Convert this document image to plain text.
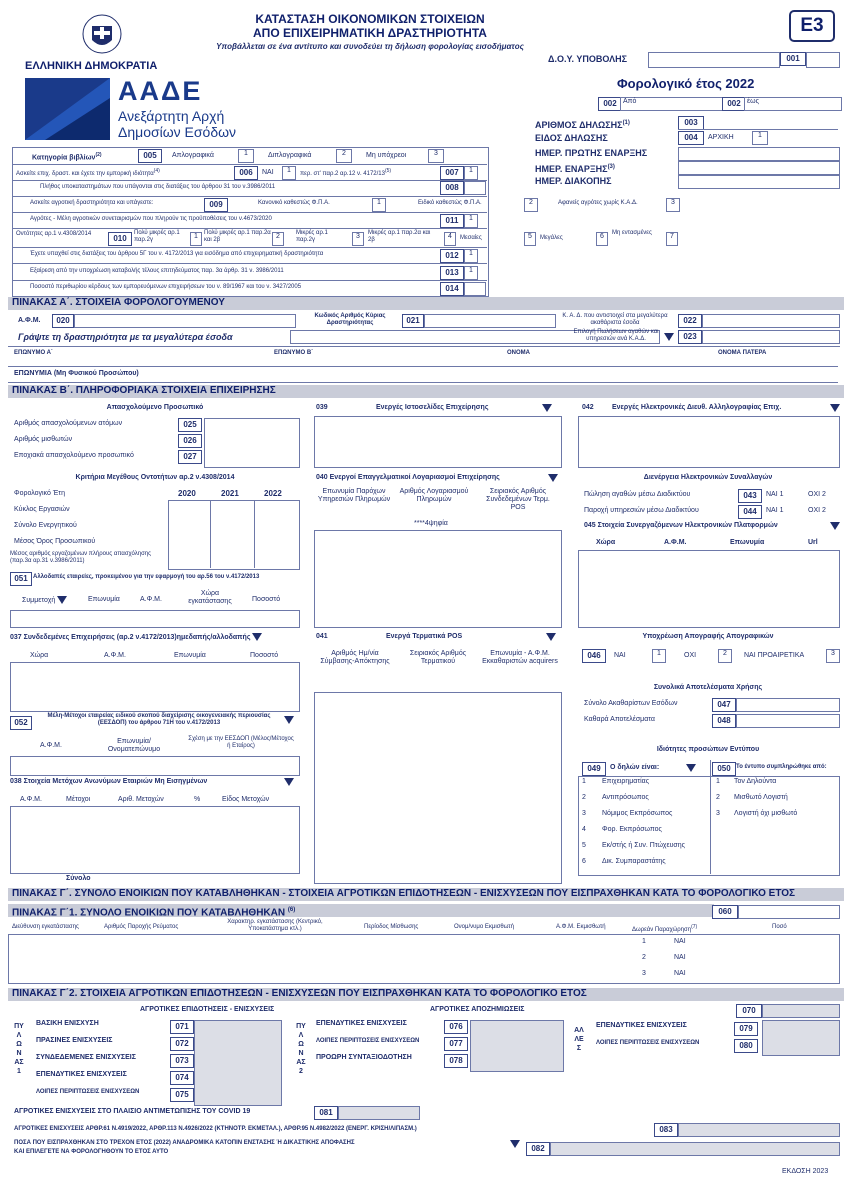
ΕΛΛΗΝΙΚΗ ΔΗΜΟΚΡΑΤΙΑ
ΑΑΔΕ
Ανεξάρτητη Αρχή
Δημοσίων Εσόδων
ΚΑΤΑΣΤΑΣΗ ΟΙΚΟΝΟΜΙΚΩΝ ΣΤΟΙΧΕΙΩΝ
ΑΠΟ ΕΠΙΧΕΙΡΗΜΑΤΙΚΗ ΔΡΑΣΤΗΡΙΟΤΗΤΑ
Υποβάλλεται σε ένα αντίτυπο και συνοδεύει τη δήλωση φορολογίας εισοδήματος
Ε3
Δ.Ο.Υ. ΥΠΟΒΟΛΗΣ	001
Φορολογικό έτος 2022
002 Από	002 έως
ΑΡΙΘΜΟΣ ΔΗΛΩΣΗΣ$^{(1)}$	003
ΕΙΔΟΣ ΔΗΛΩΣΗΣ	004	ΑΡΧΙΚΗ	1
ΗΜΕΡ. ΠΡΩΤΗΣ ΕΝΑΡΞΗΣ
ΗΜΕΡ. ΕΝΑΡΞΗΣ$^{(3)}$
ΗΜΕΡ. ΔΙΑΚΟΠΗΣ
Κατηγορία βιβλίων$^{(2)}$	005	Απλογραφικά	1	Διπλογραφικά	2	Μη υπόχρεοι	3
Ασκείτε επιχ. δραστ. και έχετε την εμπορική ιδιότητα$^{(4)}$	006	ΝΑΙ	1	περ. στ' παρ.2 αρ.12 ν. 4172/13$^{(5)}$	007	1
Πλήθος υποκαταστημάτων που υπάγονται στις διατάξεις του άρθρου 31 του ν.3986/2011	008
Ασκείτε αγροτική δραστηριότητα και υπάγεστε:	009	Κανονικό καθεστώς Φ.Π.Α.	1	Ειδικό καθεστώς Φ.Π.Α.	2	Αφανείς αγρότες χωρίς Κ.Α.Δ.	3
Αγρότες - Μέλη αγροτικών συνεταιρισμών που πληρούν τις προϋποθέσεις του ν.4673/2020	011	1
Οντότητες αρ.1 ν.4308/2014	010
Πολύ μικρές αρ.1 παρ.2γ	1	Πολύ μικρές αρ.1 παρ.2α και 2β	2	Μικρές αρ.1 παρ.2γ	3	Μικρές αρ.1 παρ.2α και 2β	4	Μεσαίες	5	Μεγάλες	6	Μη εντασμένες	7
Έχετε υπαχθεί στις διατάξεις του άρθρου 5Γ του ν. 4172/2013 για εισόδημα από επιχειρηματική δραστηριότητα	012	1
Εξαίρεση από την υποχρέωση καταβολής τέλους επιτηδεύματος παρ. 3α άρθρ. 31 ν. 3986/2011	013	1
Ποσοστό περιθωρίου κέρδους των εμπορευόμενων επιχειρήσεων του ν. 89/1967 και του ν. 3427/2005	014
ΠΙΝΑΚΑΣ Α΄. ΣΤΟΙΧΕΙΑ ΦΟΡΟΛΟΓΟΥΜΕΝΟΥ
Α.Φ.Μ.	020	Κωδικός Αριθμός Κύριας Δραστηριότητας	021	Κ. Α. Δ. που αντιστοιχεί στα μεγαλύτερα ακαθάριστα έσοδα	022
Γράψτε τη δραστηριότητα με τα μεγαλύτερα έσοδα	Επιλογή Πωλήσεων αγαθών και υπηρεσιών ανά Κ.Α.Δ.	023
ΕΠΩΝΥΜΟ Α΄	ΕΠΩΝΥΜΟ Β΄	ΟΝΟΜΑ	ΟΝΟΜΑ ΠΑΤΕΡΑ
ΕΠΩΝΥΜΙΑ (Μη Φυσικού Προσώπου)
ΠΙΝΑΚΑΣ Β΄. ΠΛΗΡΟΦΟΡΙΑΚΑ ΣΤΟΙΧΕΙΑ ΕΠΙΧΕΙΡΗΣΗΣ
Απασχολούμενο Προσωπικό
Αριθμός απασχολούμενων ατόμων	025
Αριθμός μισθωτών	026
Εποχιακά απασχολούμενο προσωπικό	027
Κριτήρια Μεγέθους Οντοτήτων αρ.2 ν.4308/2014
Φορολογικό Έτη	2020	2021	2022
Κύκλος Εργασιών
Σύνολο Ενεργητικού
Μέσος Όρος Προσωπικού
Μέσος αριθμός εργαζομένων πλήρους απασχόλησης (παρ.3α αρ.31 ν.3986/2011)
051 Αλλοδαπές εταιρείες, προκειμένου για την εφαρμογή του αρ.56 του ν.4172/2013
Συμμετοχή	Επωνυμία	Α.Φ.Μ.
Χώρα εγκατάστασης	Ποσοστό
037 Συνδεδεμένες Επιχειρήσεις (αρ.2 ν.4172/2013)ημεδαπής/αλλοδαπής
Χώρα	Α.Φ.Μ.	Επωνυμία	Ποσοστό
052
Μέλη-Μέτοχοι εταιρείας ειδικού σκοπού διαχείρισης οικογενειακής περιουσίας (ΕΕΣΔΟΠ) του άρθρου 71Η του ν.4172/2013
Α.Φ.Μ.
Επωνυμία/ Ονοματεπώνυμο
Σχέση με την ΕΕΣΔΟΠ (Μέλος/Μέτοχος ή Εταίρος)
038 Στοιχεία Μετόχων Ανωνύμων Εταιριών Μη Εισηγμένων
Α.Φ.Μ.	Μέτοχοι	Αριθ. Μετοχών	%	Είδος Μετοχών
Σύνολο
039	Ενεργές Ιστοσελίδες Επιχείρησης
040 Ενεργοί Επαγγελματικοί Λογαριασμοί Επιχείρησης
Επωνυμία Παρόχων Υπηρεσιών Πληρωμών
Αριθμός Λογαριασμού Πληρωμών
****4ψηφία
Σειριακός Αριθμός Συνδεδεμένων Τερμ. POS
041	Ενεργά Τερματικά POS
Αριθμός Ημ/νία Σύμβασης-Απόκτησης
Σειριακός Αριθμός Τερματικού
Επωνυμία - Α.Φ.Μ. Εκκαθαριστών acquirers
042	Ενεργές Ηλεκτρονικές Διευθ. Αλληλογραφίας Επιχ.
Διενέργεια Ηλεκτρονικών Συναλλαγών
Πώληση αγαθών μέσω Διαδικτύου	043	ΝΑΙ 1	ΟΧΙ 2
Παροχή υπηρεσιών μέσω Διαδικτύου	044	ΝΑΙ 1	ΟΧΙ 2
045 Στοιχεία Συνεργαζόμενων Ηλεκτρονικών Πλατφορμών
Χώρα	Α.Φ.Μ.	Επωνυμία	Url
Υποχρέωση Απογραφής Απογραφικών
046	ΝΑΙ	1	ΟΧΙ	2	ΝΑΙ ΠΡΟΑΙΡΕΤΙΚΑ	3
Συνολικά Αποτελέσματα Χρήσης
Σύνολο Ακαθαρίστων Εσόδων	047
Καθαρά Αποτελέσματα	048
Ιδιότητες προσώπων Εντύπου
049	Ο δηλών είναι:	050 Το έντυπο συμπληρώθηκε από:
1 Επιχειρηματίας
2 Αντιπρόσωπος
3 Νόμιμος Εκπρόσωπος
4 Φορ. Εκπρόσωπος
5 Εκ/στής ή Συν. Πτώχευσης
6 Δικ. Συμπαραστάτης
1 Τον Δηλούντα
2 Μισθωτό Λογιστή
3 Λογιστή όχι μισθωτό
ΠΙΝΑΚΑΣ Γ΄. ΣΥΝΟΛΟ ΕΝΟΙΚΙΩΝ ΠΟΥ ΚΑΤΑΒΛΗΘΗΚΑΝ - ΣΤΟΙΧΕΙΑ ΑΓΡΟΤΙΚΩΝ ΕΠΙΔΟΤΗΣΕΩΝ - ΕΝΙΣΧΥΣΕΩΝ ΠΟΥ ΕΙΣΠΡΑΧΘΗΚΑΝ ΚΑΤΑ ΤΟ ΦΟΡΟΛΟΓΙΚΟ ΕΤΟΣ
ΠΙΝΑΚΑΣ Γ΄1. ΣΥΝΟΛΟ ΕΝΟΙΚΙΩΝ ΠΟΥ ΚΑΤΑΒΛΗΘΗΚΑΝ $^{(6)}$	060
Διεύθυνση εγκατάστασης	Αριθμός Παροχής Ρεύματος
Χαρακτηρ. εγκατάστασης (Κεντρικό, Υποκατάστημα κτλ.)	Περίοδος Μίσθωσης	Ονομ/νυμο Εκμισθωτή	Α.Φ.Μ. Εκμισθωτή	Δωρεάν Παραχώρηση$^{(7)}$	Ποσό
1	ΝΑΙ
2	ΝΑΙ
3	ΝΑΙ
ΠΙΝΑΚΑΣ Γ΄2. ΣΤΟΙΧΕΙΑ ΑΓΡΟΤΙΚΩΝ ΕΠΙΔΟΤΗΣΕΩΝ - ΕΝΙΣΧΥΣΕΩΝ ΠΟΥ ΕΙΣΠΡΑΧΘΗΚΑΝ ΚΑΤΑ ΤΟ ΦΟΡΟΛΟΓΙΚΟ ΕΤΟΣ
ΑΓΡΟΤΙΚΕΣ ΕΠΙΔΟΤΗΣΕΙΣ - ΕΝΙΣΧΥΣΕΙΣ	ΑΓΡΟΤΙΚΕΣ ΑΠΟΖΗΜΙΩΣΕΙΣ	070
ΠΥΛΩΝΑΣ 1
ΒΑΣΙΚΗ ΕΝΙΣΧΥΣΗ	071
ΠΡΑΣΙΝΕΣ ΕΝΙΣΧΥΣΕΙΣ	072
ΣΥΝΔΕΔΕΜΕΝΕΣ ΕΝΙΣΧΥΣΕΙΣ	073
ΕΠΕΝΔΥΤΙΚΕΣ ΕΝΙΣΧΥΣΕΙΣ	074
ΛΟΙΠΕΣ ΠΕΡΙΠΤΩΣΕΙΣ ΕΝΙΣΧΥΣΕΩΝ	075
ΠΥΛΩΝΑΣ 2
ΕΠΕΝΔΥΤΙΚΕΣ ΕΝΙΣΧΥΣΕΙΣ	076
ΛΟΙΠΕΣ ΠΕΡΙΠΤΩΣΕΙΣ ΕΝΙΣΧΥΣΕΩΝ	077
ΠΡΟΩΡΗ ΣΥΝΤΑΞΙΟΔΟΤΗΣΗ	078
ΑΛΛΕΣ
ΕΠΕΝΔΥΤΙΚΕΣ ΕΝΙΣΧΥΣΕΙΣ	079
ΛΟΙΠΕΣ ΠΕΡΙΠΤΩΣΕΙΣ ΕΝΙΣΧΥΣΕΩΝ	080
ΑΓΡΟΤΙΚΕΣ ΕΝΙΣΧΥΣΕΙΣ ΣΤΟ ΠΛΑΙΣΙΟ ΑΝΤΙΜΕΤΩΠΙΣΗΣ ΤΟΥ COVID 19	081
ΑΓΡΟΤΙΚΕΣ ΕΝΙΣΧΥΣΕΙΣ ΑΡΘΡ.61 Ν.4919/2022, ΑΡΘΡ.113 Ν.4926/2022 (ΚΤΗΝΟΤΡ. ΕΚΜΕΤΑΛ.), ΑΡΘΡ.95 Ν.4982/2022 (ΕΝΕΡΓ. ΚΡΙΣΗ/ΛΙΠΑΣΜ.)	083
ΠΟΣΑ ΠΟΥ ΕΙΣΠΡΑΧΘΗΚΑΝ ΣΤΟ ΤΡΕΧΟΝ ΕΤΟΣ (2022) ΑΝΑΔΡΟΜΙΚΑ ΚΑΤΟΠΙΝ ΕΝΣΤΑΣΗΣ Ή ΔΙΚΑΣΤΙΚΗΣ ΑΠΟΦΑΣΗΣ
ΚΑΙ ΕΠΙΛΕΓΕΤΕ ΝΑ ΦΟΡΟΛΟΓΗΘΟΥΝ ΤΟ ΕΤΟΣ ΑΥΤΟ	082
ΕΚΔΟΣΗ 2023
